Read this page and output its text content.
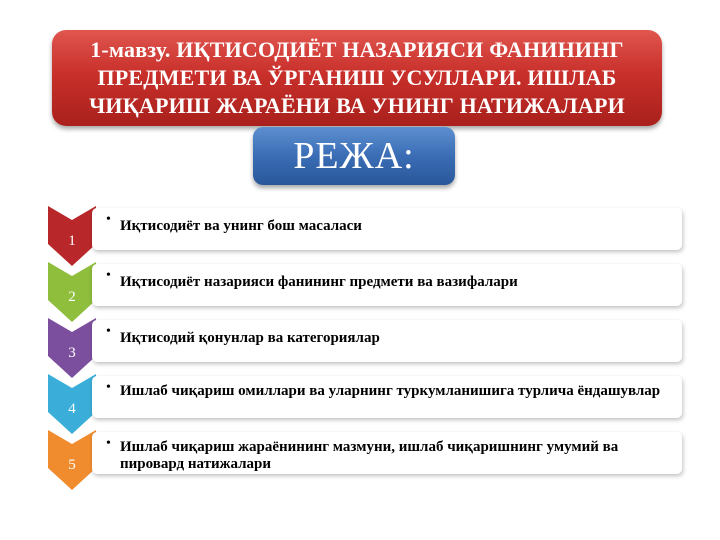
1-мавзу. ИҚТИСОДИЁТ НАЗАРИЯСИ ФАНИНИНГ ПРЕДМЕТИ ВА ЎРГАНИШ УСУЛЛАРИ. ИШЛАБ ЧИҚАРИШ ЖАРАЁНИ ВА УНИНГ НАТИЖАЛАРИ
РЕЖА:
1
• Иқтисодиёт ва унинг бош масаласи
2
• Иқтисодиёт назарияси фанининг предмети ва вазифалари
3
• Иқтисодий қонунлар ва категориялар
4
• Ишлаб чиқариш омиллари ва уларнинг туркумланишига турлича ёндашувлар
5
• Ишлаб чиқариш жараёнининг мазмуни, ишлаб чиқаришнинг умумий ва пировард натижалари
